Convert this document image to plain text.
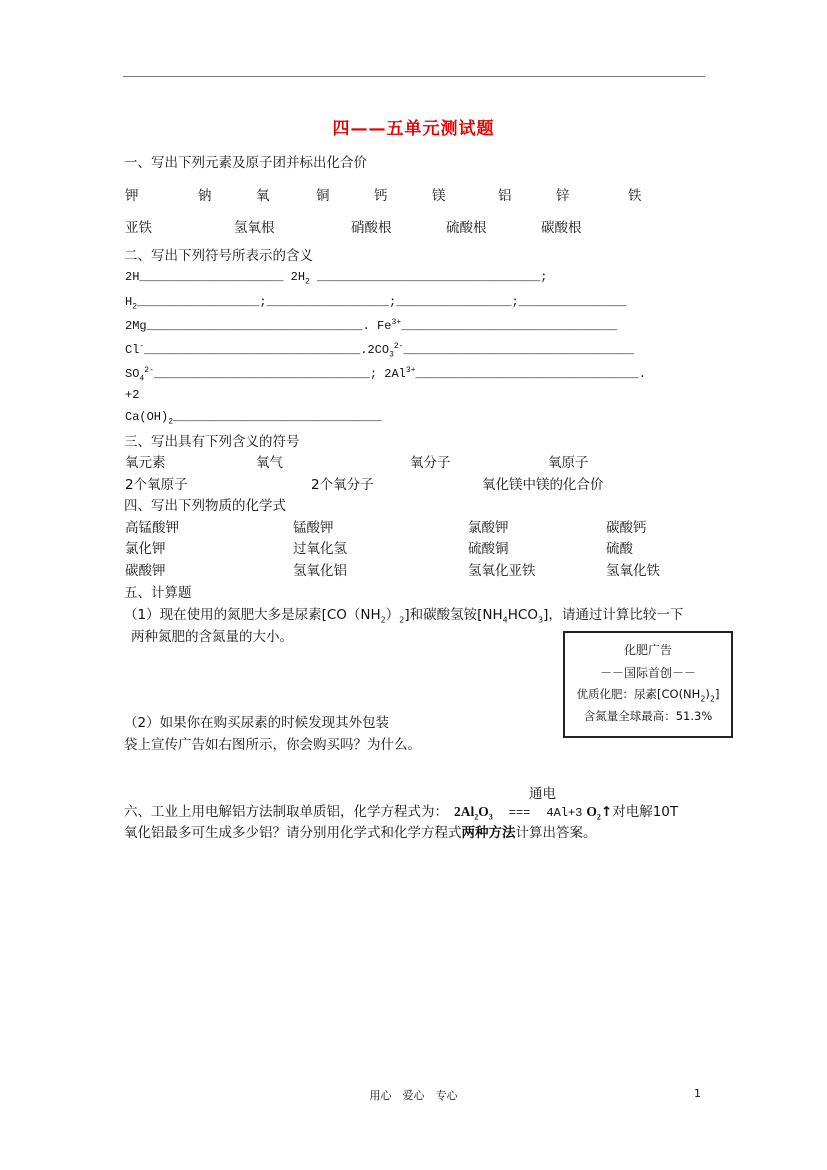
四——五单元测试题
一、写出下列元素及原子团并标出化合价
钾	钠	氧	铜	钙	镁	铝	锌	铁
亚铁	氢氧根	硝酸根	硫酸根	碳酸根
二、写出下列符号所表示的含义
2H____________________ $2H_2$ _______________________________;
$H_2\_\_\_\_\_\_\_\_\_\_\_\_\_\_\_\_\_;\_\_\_\_\_\_\_\_\_\_\_\_\_\_\_\_\_;\_\_\_\_\_\_\_\_\_\_\_\_\_\_\_\_;\_\_\_\_\_\_\_\_\_\_\_\_\_\_\_$
2Mg______________________________. $Fe^{3+}\_\_\_\_\_\_\_\_\_\_\_\_\_\_\_\_\_\_\_\_\_\_\_\_\_\_\_\_\_\_$
$Cl^-\_\_\_\_\_\_\_\_\_\_\_\_\_\_\_\_\_\_\_\_\_\_\_\_\_\_\_\_\_\_.2CO_3^{2-}\_\_\_\_\_\_\_\_\_\_\_\_\_\_\_\_\_\_\_\_\_\_\_\_\_\_\_\_\_\_\_\_$
$SO_4^{2-}\_\_\_\_\_\_\_\_\_\_\_\_\_\_\_\_\_\_\_\_\_\_\_\_\_\_\_\_\_\_$; $2Al^{3+}\_\_\_\_\_\_\_\_\_\_\_\_\_\_\_\_\_\_\_\_\_\_\_\_\_\_\_\_\_\_\_$.
+2
$Ca(OH)_2\_\_\_\_\_\_\_\_\_\_\_\_\_\_\_\_\_\_\_\_\_\_\_\_\_\_\_\_\_$
三、写出具有下列含义的符号
氧元素	氧气	氧分子	氧原子
2个氧原子	2个氧分子	氧化镁中镁的化合价
四、写出下列物质的化学式
高锰酸钾	锰酸钾	氯酸钾	碳酸钙
氯化钾	过氧化氢	硫酸铜	硫酸
碳酸钾	氢氧化铝	氢氧化亚铁	氢氧化铁
五、计算题
（1）现在使用的氮肥大多是尿素$[CO(NH_2)_2]$和碳酸氢铵$[NH_4HCO_3]$，请通过计算比较一下
两种氮肥的含氮量的大小。
（2）如果你在购买尿素的时候发现其外包装
袋上宣传广告如右图所示，你会购买吗？为什么。
化肥广告
－－国际首创－－
优质化肥：尿素$[CO(NH_2)_2]$
含氮量全球最高：51.3%
通电
六、工业上用电解铝方法制取单质铝，化学方程式为： $2Al_2O_3$ === 4Al+3 $O_2↑$对电解10T
氧化铝最多可生成多少铝？请分别用化学式和化学方程式两种方法计算出答案。
用心　爱心　专心	1
